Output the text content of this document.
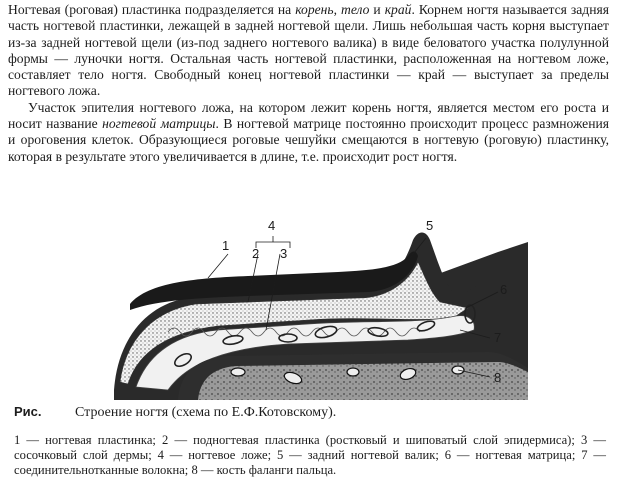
Ногтевая (роговая) пластинка подразделяется на корень, тело и край. Корнем ногтя называется задняя часть ногтевой пластинки, лежащей в задней ногтевой щели. Лишь небольшая часть корня выступает из-за задней ногтевой щели (из-под заднего ногтевого валика) в виде беловатого участка полулунной формы — луночки ногтя. Остальная часть ногтевой пластинки, расположенная на ногтевом ложе, составляет тело ногтя. Свободный конец ногтевой пластинки — край — выступает за пределы ногтевого ложа.

Участок эпителия ногтевого ложа, на котором лежит корень ногтя, является местом его роста и носит название ногтевой матрицы. В ногтевой матрице постоянно происходит процесс размножения и ороговения клеток. Образующиеся роговые чешуйки смещаются в ногтевую (роговую) пластинку, которая в результате этого увеличивается в длине, т.е. происходит рост ногтя.

1
2 3
4	5
6
7
8
Рис. Строение ногтя (схема по Е.Ф.Котовскому).
1 — ногтевая пластинка; 2 — подногтевая пластинка (ростковый и шиповатый слой эпидермиса); 3 — сосочковый слой дермы; 4 — ногтевое ложе; 5 — задний ногтевой валик; 6 — ногтевая матрица; 7 — соединительнотканные волокна; 8 — кость фаланги пальца.
